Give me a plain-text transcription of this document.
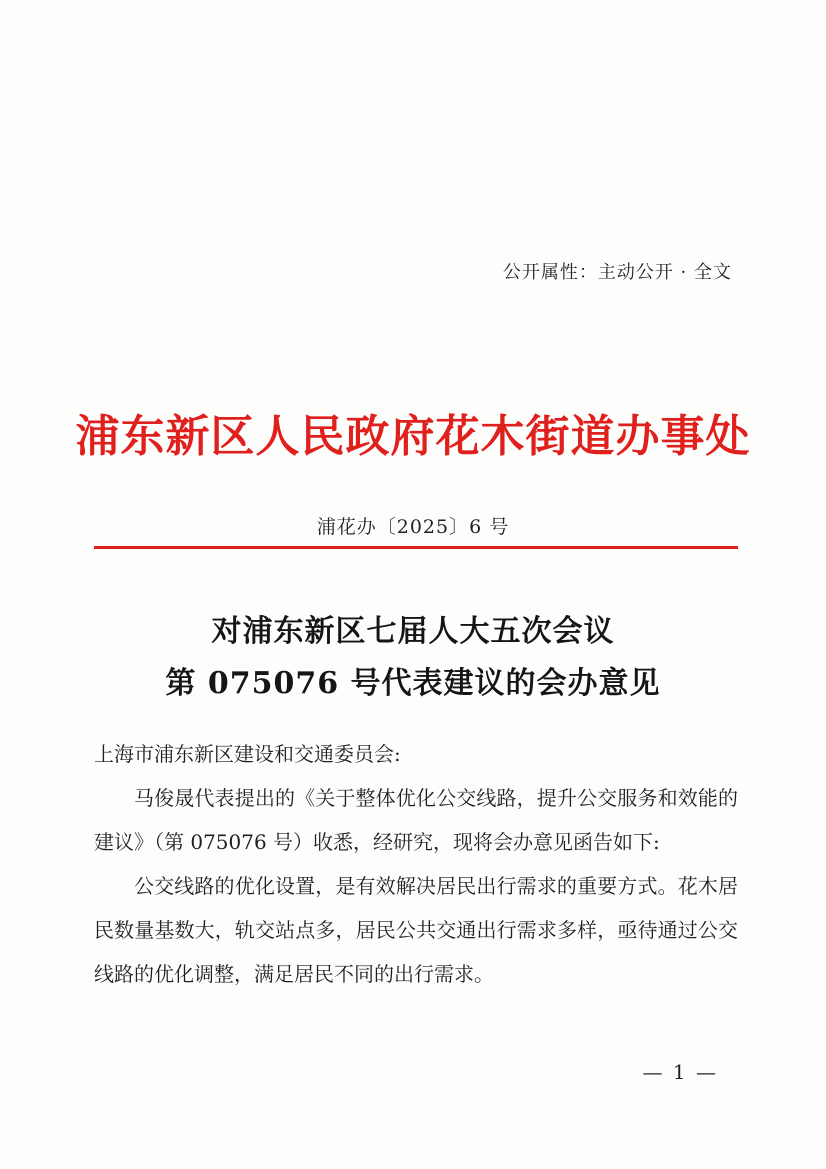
公开属性：主动公开 · 全文
浦东新区人民政府花木街道办事处
浦花办〔2025〕6 号
对浦东新区七届人大五次会议
第 075076 号代表建议的会办意见

上海市浦东新区建设和交通委员会:

马俊晟代表提出的《关于整体优化公交线路，提升公交服务和效能的建议》（第 075076 号）收悉，经研究，现将会办意见函告如下:

公交线路的优化设置，是有效解决居民出行需求的重要方式。花木居民数量基数大，轨交站点多，居民公共交通出行需求多样，亟待通过公交线路的优化调整，满足居民不同的出行需求。

— 1 —
